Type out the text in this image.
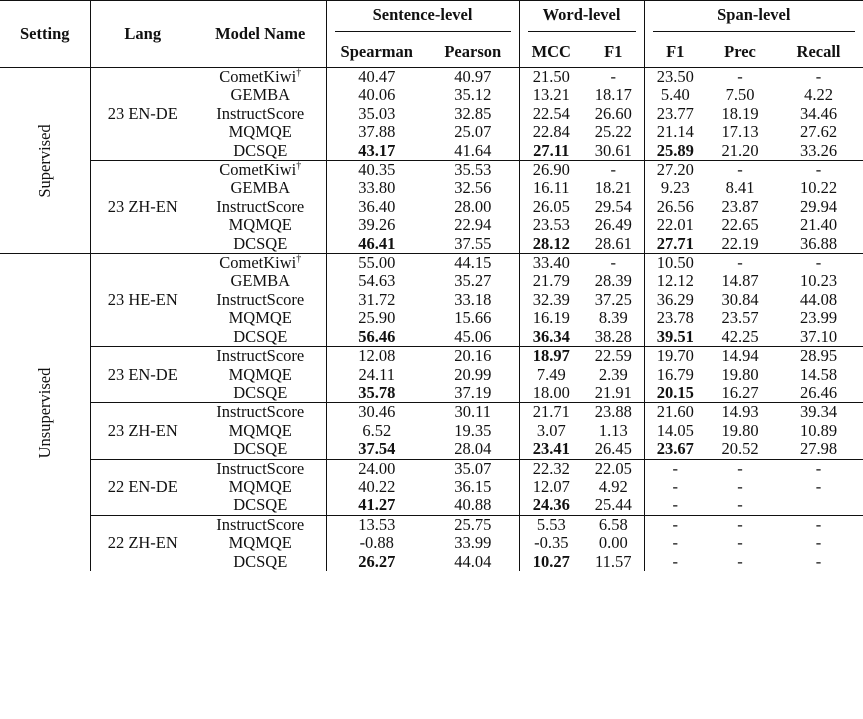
Setting	Lang	Model Name	Sentence-level		Word-level		Span-level		

			Spearman	Pearson	MCC	F1	F1	Prec	Recall

Supervised	23 EN-DE	CometKiwi†	40.47	40.97	21.50	-	23.50	-	-
		GEMBA	40.06	35.12	13.21	18.17	5.40	7.50	4.22
		InstructScore	35.03	32.85	22.54	26.60	23.77	18.19	34.46
		MQMQE	37.88	25.07	22.84	25.22	21.14	17.13	27.62
		DCSQE	43.17	41.64	27.11	30.61	25.89	21.20	33.26
	23 ZH-EN	CometKiwi†	40.35	35.53	26.90	-	27.20	-	-
		GEMBA	33.80	32.56	16.11	18.21	9.23	8.41	10.22
		InstructScore	36.40	28.00	26.05	29.54	26.56	23.87	29.94
		MQMQE	39.26	22.94	23.53	26.49	22.01	22.65	21.40
		DCSQE	46.41	37.55	28.12	28.61	27.71	22.19	36.88

Unsupervised	23 HE-EN	CometKiwi†	55.00	44.15	33.40	-	10.50	-	-
		GEMBA	54.63	35.27	21.79	28.39	12.12	14.87	10.23
		InstructScore	31.72	33.18	32.39	37.25	36.29	30.84	44.08
		MQMQE	25.90	15.66	16.19	8.39	23.78	23.57	23.99
		DCSQE	56.46	45.06	36.34	38.28	39.51	42.25	37.10
	23 EN-DE	InstructScore	12.08	20.16	18.97	22.59	19.70	14.94	28.95
		MQMQE	24.11	20.99	7.49	2.39	16.79	19.80	14.58
		DCSQE	35.78	37.19	18.00	21.91	20.15	16.27	26.46
	23 ZH-EN	InstructScore	30.46	30.11	21.71	23.88	21.60	14.93	39.34
		MQMQE	6.52	19.35	3.07	1.13	14.05	19.80	10.89
		DCSQE	37.54	28.04	23.41	26.45	23.67	20.52	27.98
	22 EN-DE	InstructScore	24.00	35.07	22.32	22.05	-	-	-
		MQMQE	40.22	36.15	12.07	4.92	-	-	-
		DCSQE	41.27	40.88	24.36	25.44	-	-	
	22 ZH-EN	InstructScore	13.53	25.75	5.53	6.58	-	-	-
		MQMQE	-0.88	33.99	-0.35	0.00	-	-	-
		DCSQE	26.27	44.04	10.27	11.57	-	-	-
